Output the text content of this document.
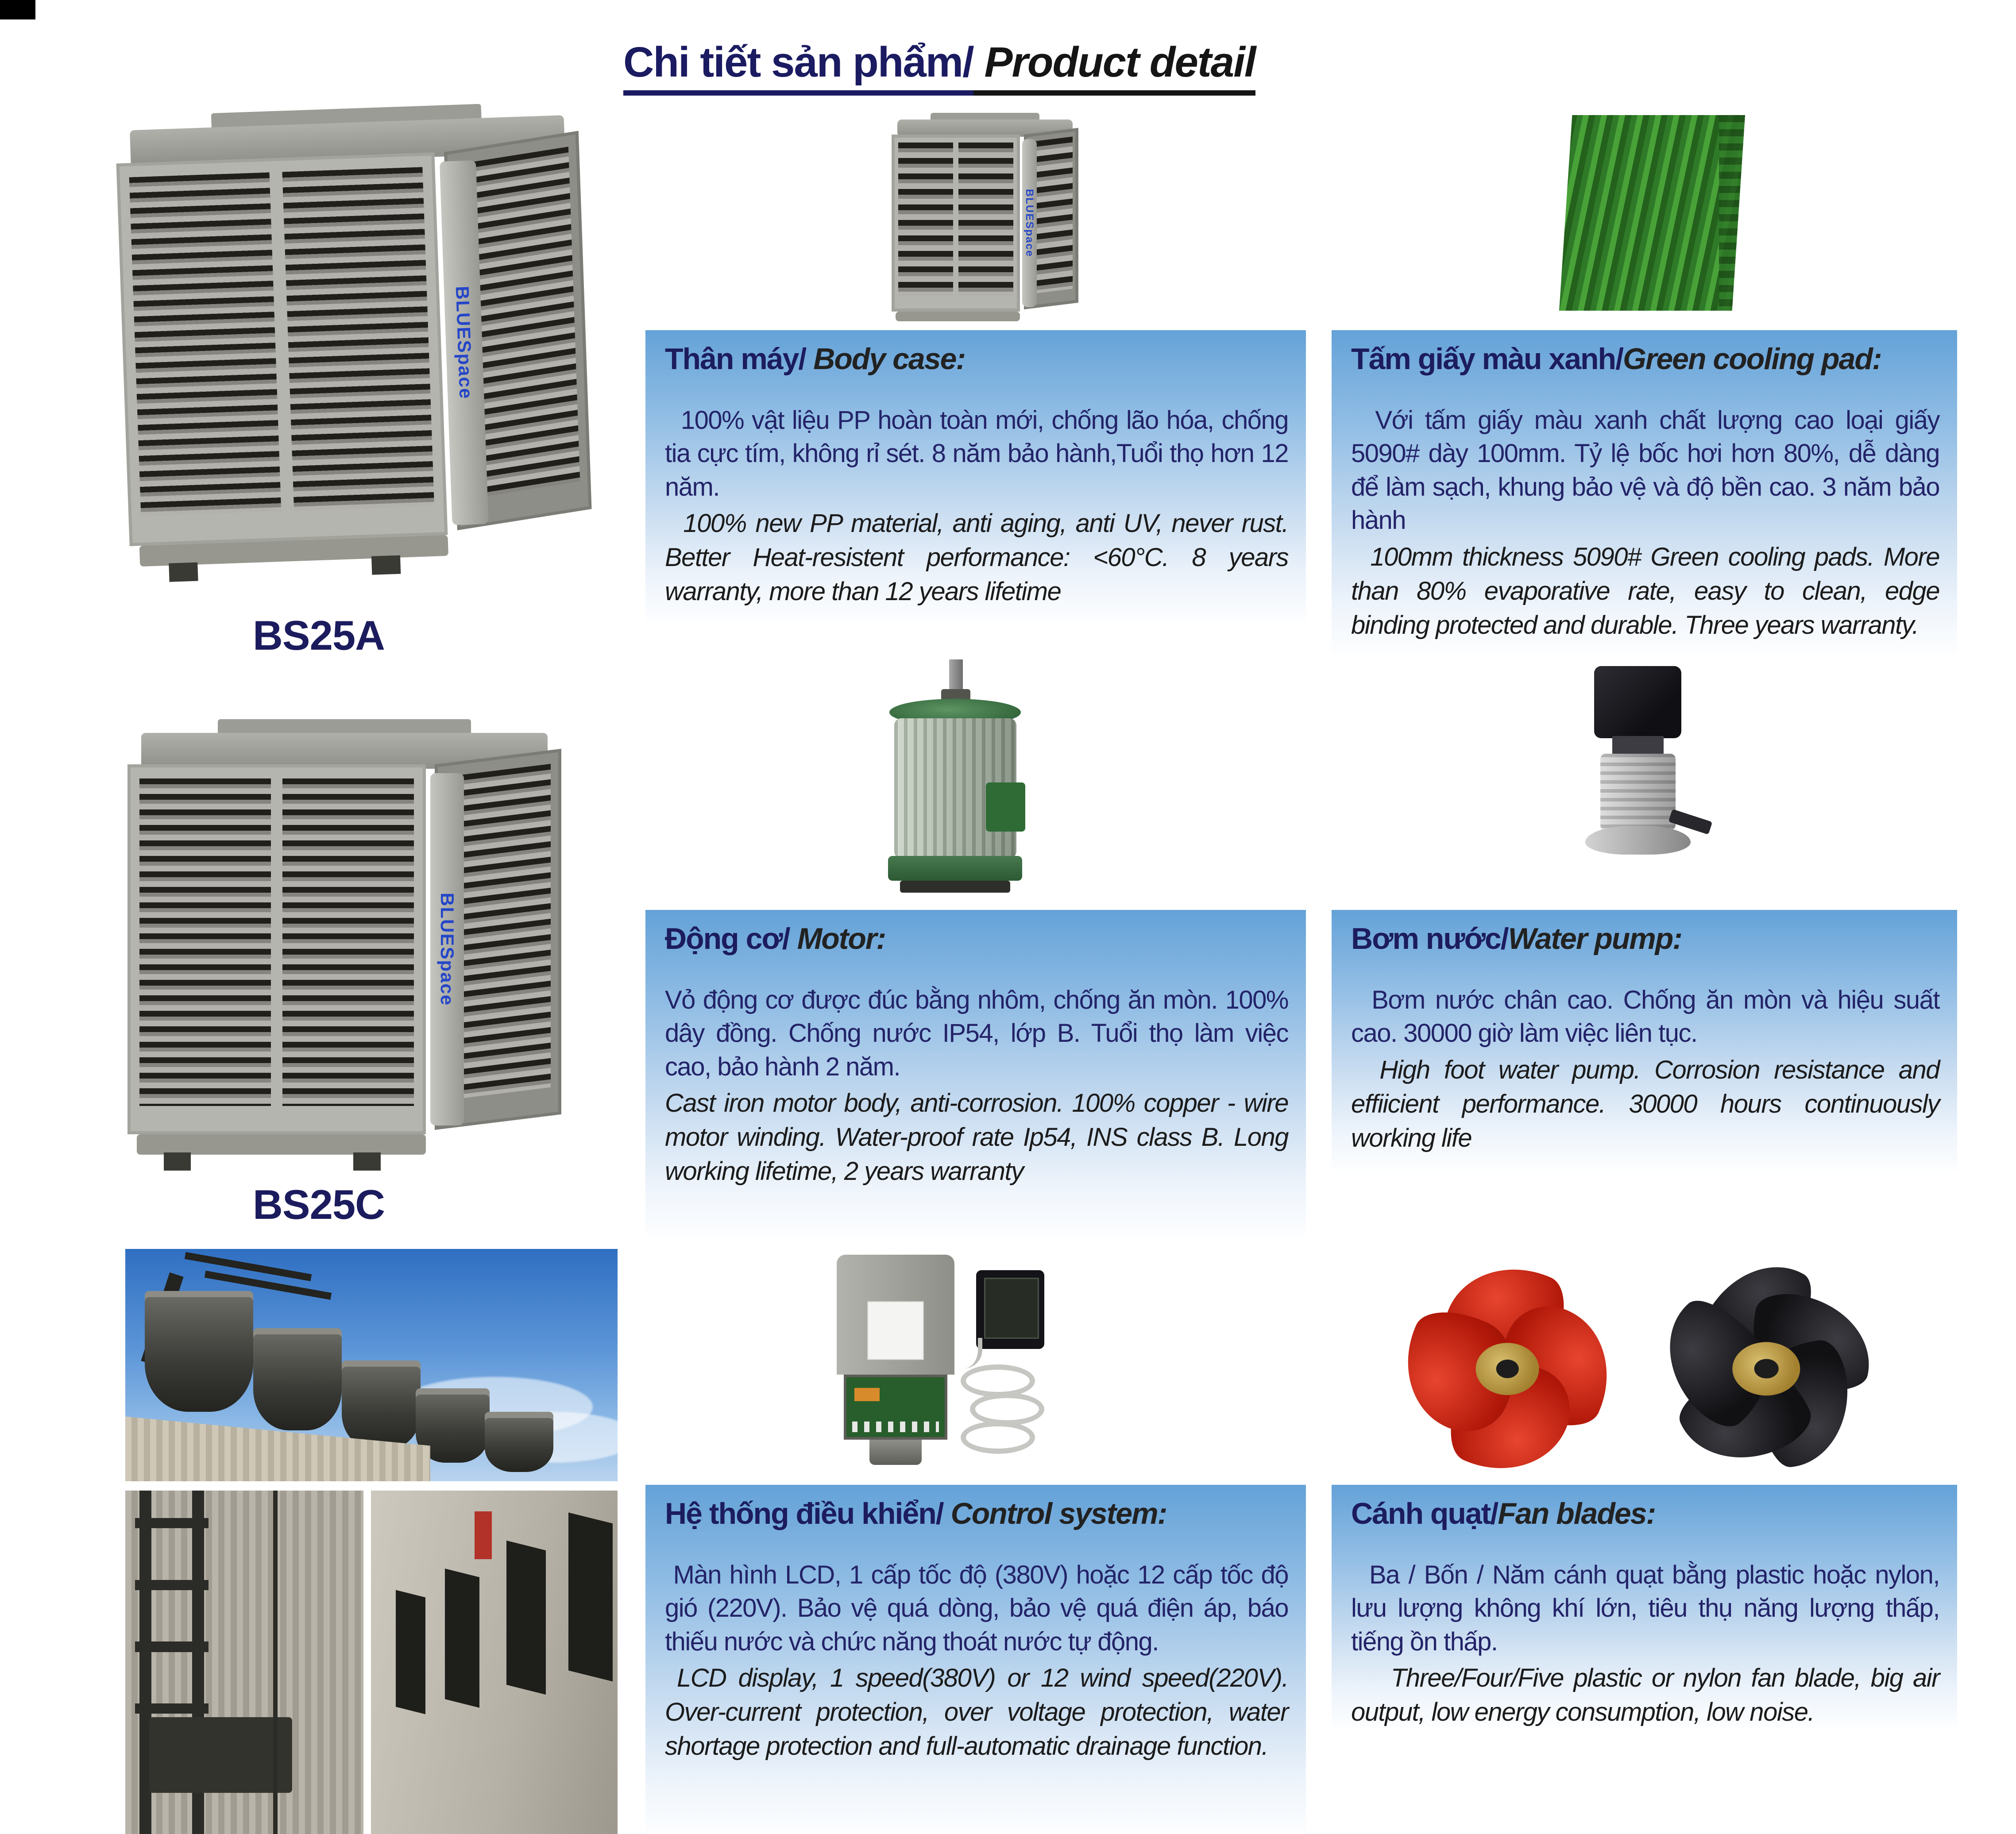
Chi tiết sản phẩm/ Product detail
BLUESpace
BS25A
BLUESpace
BS25C
BLUESpace
Thân máy/ Body case:

100% vật liệu PP hoàn toàn mới, chống lão hóa, chống tia cực tím, không rỉ sét. 8 năm bảo hành,Tuổi thọ hơn 12 năm.

100% new PP material, anti aging, anti UV, never rust. Better Heat-resistent performance: <60°C. 8 years warranty, more than 12 years lifetime

Động cơ/ Motor:

Vỏ động cơ được đúc bằng nhôm, chống ăn mòn. 100% dây đồng. Chống nước IP54, lớp B. Tuổi thọ làm việc cao, bảo hành 2 năm.

Cast iron motor body, anti-corrosion. 100% copper - wire motor winding. Water-proof rate Ip54, INS class B. Long working lifetime, 2 years warranty

Hệ thống điều khiển/ Control system:

Màn hình LCD, 1 cấp tốc độ (380V) hoặc 12 cấp tốc độ gió (220V). Bảo vệ quá dòng, bảo vệ quá điện áp, báo thiếu nước và chức năng thoát nước tự động.

LCD display, 1 speed(380V) or 12 wind speed(220V). Over-current protection, over voltage protection, water shortage protection and full-automatic drainage function.

Tấm giấy màu xanh/Green cooling pad:

Với tấm giấy màu xanh chất lượng cao loại giấy 5090# dày 100mm. Tỷ lệ bốc hơi hơn 80%, dễ dàng để làm sạch, khung bảo vệ và độ bền cao. 3 năm bảo hành

100mm thickness 5090# Green cooling pads. More than 80% evaporative rate, easy to clean, edge binding protected and durable. Three years warranty.

Bơm nước/Water pump:

Bơm nước chân cao. Chống ăn mòn và hiệu suất cao. 30000 giờ làm việc liên tục.

High foot water pump. Corrosion resistance and effiicient performance. 30000 hours continuously working life

Cánh quạt/Fan blades:

Ba / Bốn / Năm cánh quạt bằng plastic hoặc nylon, lưu lượng không khí lớn, tiêu thụ năng lượng thấp, tiếng ồn thấp.

Three/Four/Five plastic or nylon fan blade, big air output, low energy consumption, low noise.
